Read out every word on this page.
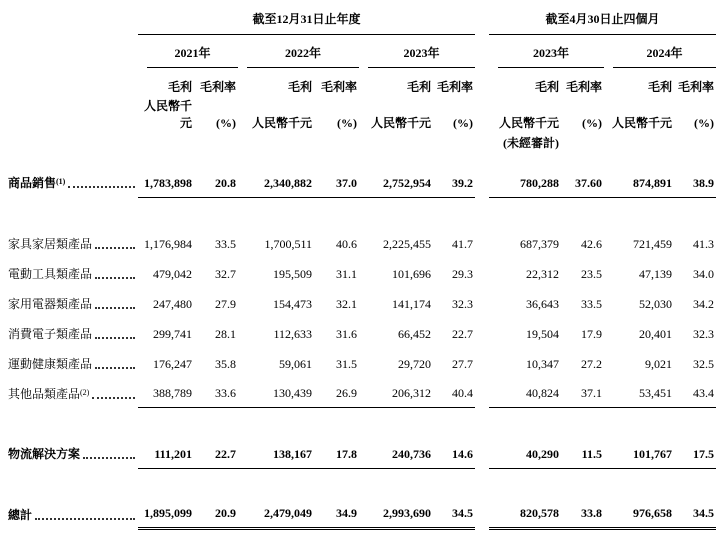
	截至12月31日止年度							截至4月30日止四個月			

	2021年		2022年		2023年			2023年		2024年	

	毛利	毛利率	毛利	毛利率	毛利	毛利率		毛利	毛利率	毛利	毛利率
	人民幣千元	(%)	人民幣千元	(%)	人民幣千元	(%)		人民幣千元	(%)	人民幣千元	(%)
								(未經審計)			

商品銷售$^{(1)}$	1,783,898	20.8	2,340,882	37.0	2,752,954	39.2		780,288	37.60	874,891	38.9

家具家居類產品	1,176,984	33.5	1,700,511	40.6	2,225,455	41.7		687,379	42.6	721,459	41.3

電動工具類產品	479,042	32.7	195,509	31.1	101,696	29.3		22,312	23.5	47,139	34.0

家用電器類產品	247,480	27.9	154,473	32.1	141,174	32.3		36,643	33.5	52,030	34.2

消費電子類產品	299,741	28.1	112,633	31.6	66,452	22.7		19,504	17.9	20,401	32.3

運動健康類產品	176,247	35.8	59,061	31.5	29,720	27.7		10,347	27.2	9,021	32.5

其他品類產品$^{(2)}$	388,789	33.6	130,439	26.9	206,312	40.4		40,824	37.1	53,451	43.4

物流解決方案	111,201	22.7	138,167	17.8	240,736	14.6		40,290	11.5	101,767	17.5

總計	1,895,099	20.9	2,479,049	34.9	2,993,690	34.5		820,578	33.8	976,658	34.5
